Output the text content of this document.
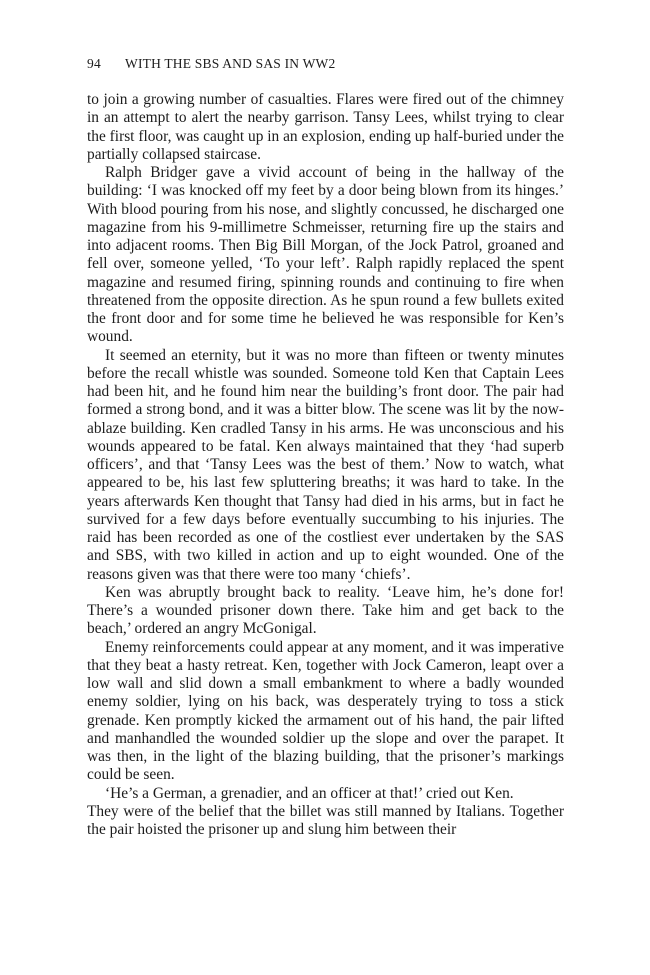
94 WITH THE SBS AND SAS IN WW2

to join a growing number of casualties. Flares were fired out of the chimney in an attempt to alert the nearby garrison. Tansy Lees, whilst trying to clear the first floor, was caught up in an explosion, ending up half-buried under the partially collapsed staircase.

Ralph Bridger gave a vivid account of being in the hallway of the building: ‘I was knocked off my feet by a door being blown from its hinges.’ With blood pouring from his nose, and slightly concussed, he discharged one magazine from his 9-millimetre Schmeisser, returning fire up the stairs and into adjacent rooms. Then Big Bill Morgan, of the Jock Patrol, groaned and fell over, someone yelled, ‘To your left’. Ralph rapidly replaced the spent magazine and resumed firing, spinning rounds and continuing to fire when threatened from the opposite direction. As he spun round a few bullets exited the front door and for some time he believed he was responsible for Ken’s wound.

It seemed an eternity, but it was no more than fifteen or twenty minutes before the recall whistle was sounded. Someone told Ken that Captain Lees had been hit, and he found him near the building’s front door. The pair had formed a strong bond, and it was a bitter blow. The scene was lit by the now-ablaze building. Ken cradled Tansy in his arms. He was unconscious and his wounds appeared to be fatal. Ken always maintained that they ‘had superb officers’, and that ‘Tansy Lees was the best of them.’ Now to watch, what appeared to be, his last few spluttering breaths; it was hard to take. In the years afterwards Ken thought that Tansy had died in his arms, but in fact he survived for a few days before eventually succumbing to his injuries. The raid has been recorded as one of the costliest ever undertaken by the SAS and SBS, with two killed in action and up to eight wounded. One of the reasons given was that there were too many ‘chiefs’.

Ken was abruptly brought back to reality. ‘Leave him, he’s done for! There’s a wounded prisoner down there. Take him and get back to the beach,’ ordered an angry McGonigal.

Enemy reinforcements could appear at any moment, and it was imperative that they beat a hasty retreat. Ken, together with Jock Cameron, leapt over a low wall and slid down a small embankment to where a badly wounded enemy soldier, lying on his back, was desperately trying to toss a stick grenade. Ken promptly kicked the armament out of his hand, the pair lifted and manhandled the wounded soldier up the slope and over the parapet. It was then, in the light of the blazing building, that the prisoner’s markings could be seen.

‘He’s a German, a grenadier, and an officer at that!’ cried out Ken.

They were of the belief that the billet was still manned by Italians. Together the pair hoisted the prisoner up and slung him between their
